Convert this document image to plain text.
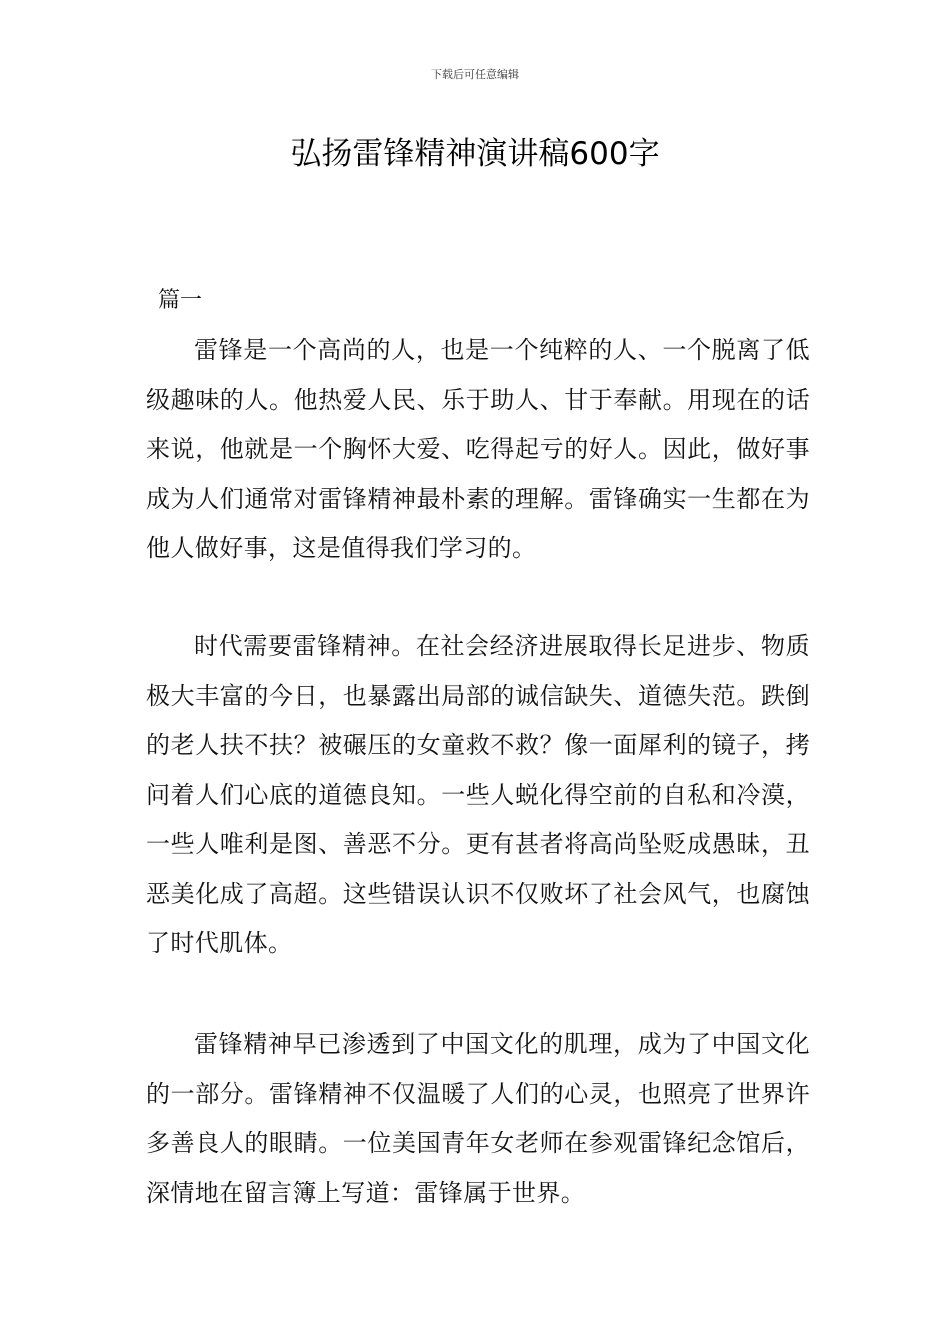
下载后可任意编辑
弘扬雷锋精神演讲稿600字
篇一

雷锋是一个高尚的人，也是一个纯粹的人、一个脱离了低级趣味的人。他热爱人民、乐于助人、甘于奉献。用现在的话来说，他就是一个胸怀大爱、吃得起亏的好人。因此，做好事成为人们通常对雷锋精神最朴素的理解。雷锋确实一生都在为他人做好事，这是值得我们学习的。

时代需要雷锋精神。在社会经济进展取得长足进步、物质极大丰富的今日，也暴露出局部的诚信缺失、道德失范。跌倒的老人扶不扶？被碾压的女童救不救？像一面犀利的镜子，拷问着人们心底的道德良知。一些人蜕化得空前的自私和冷漠，一些人唯利是图、善恶不分。更有甚者将高尚坠贬成愚昧，丑恶美化成了高超。这些错误认识不仅败坏了社会风气，也腐蚀了时代肌体。

雷锋精神早已渗透到了中国文化的肌理，成为了中国文化的一部分。雷锋精神不仅温暖了人们的心灵，也照亮了世界许多善良人的眼睛。一位美国青年女老师在参观雷锋纪念馆后，深情地在留言簿上写道：雷锋属于世界。
